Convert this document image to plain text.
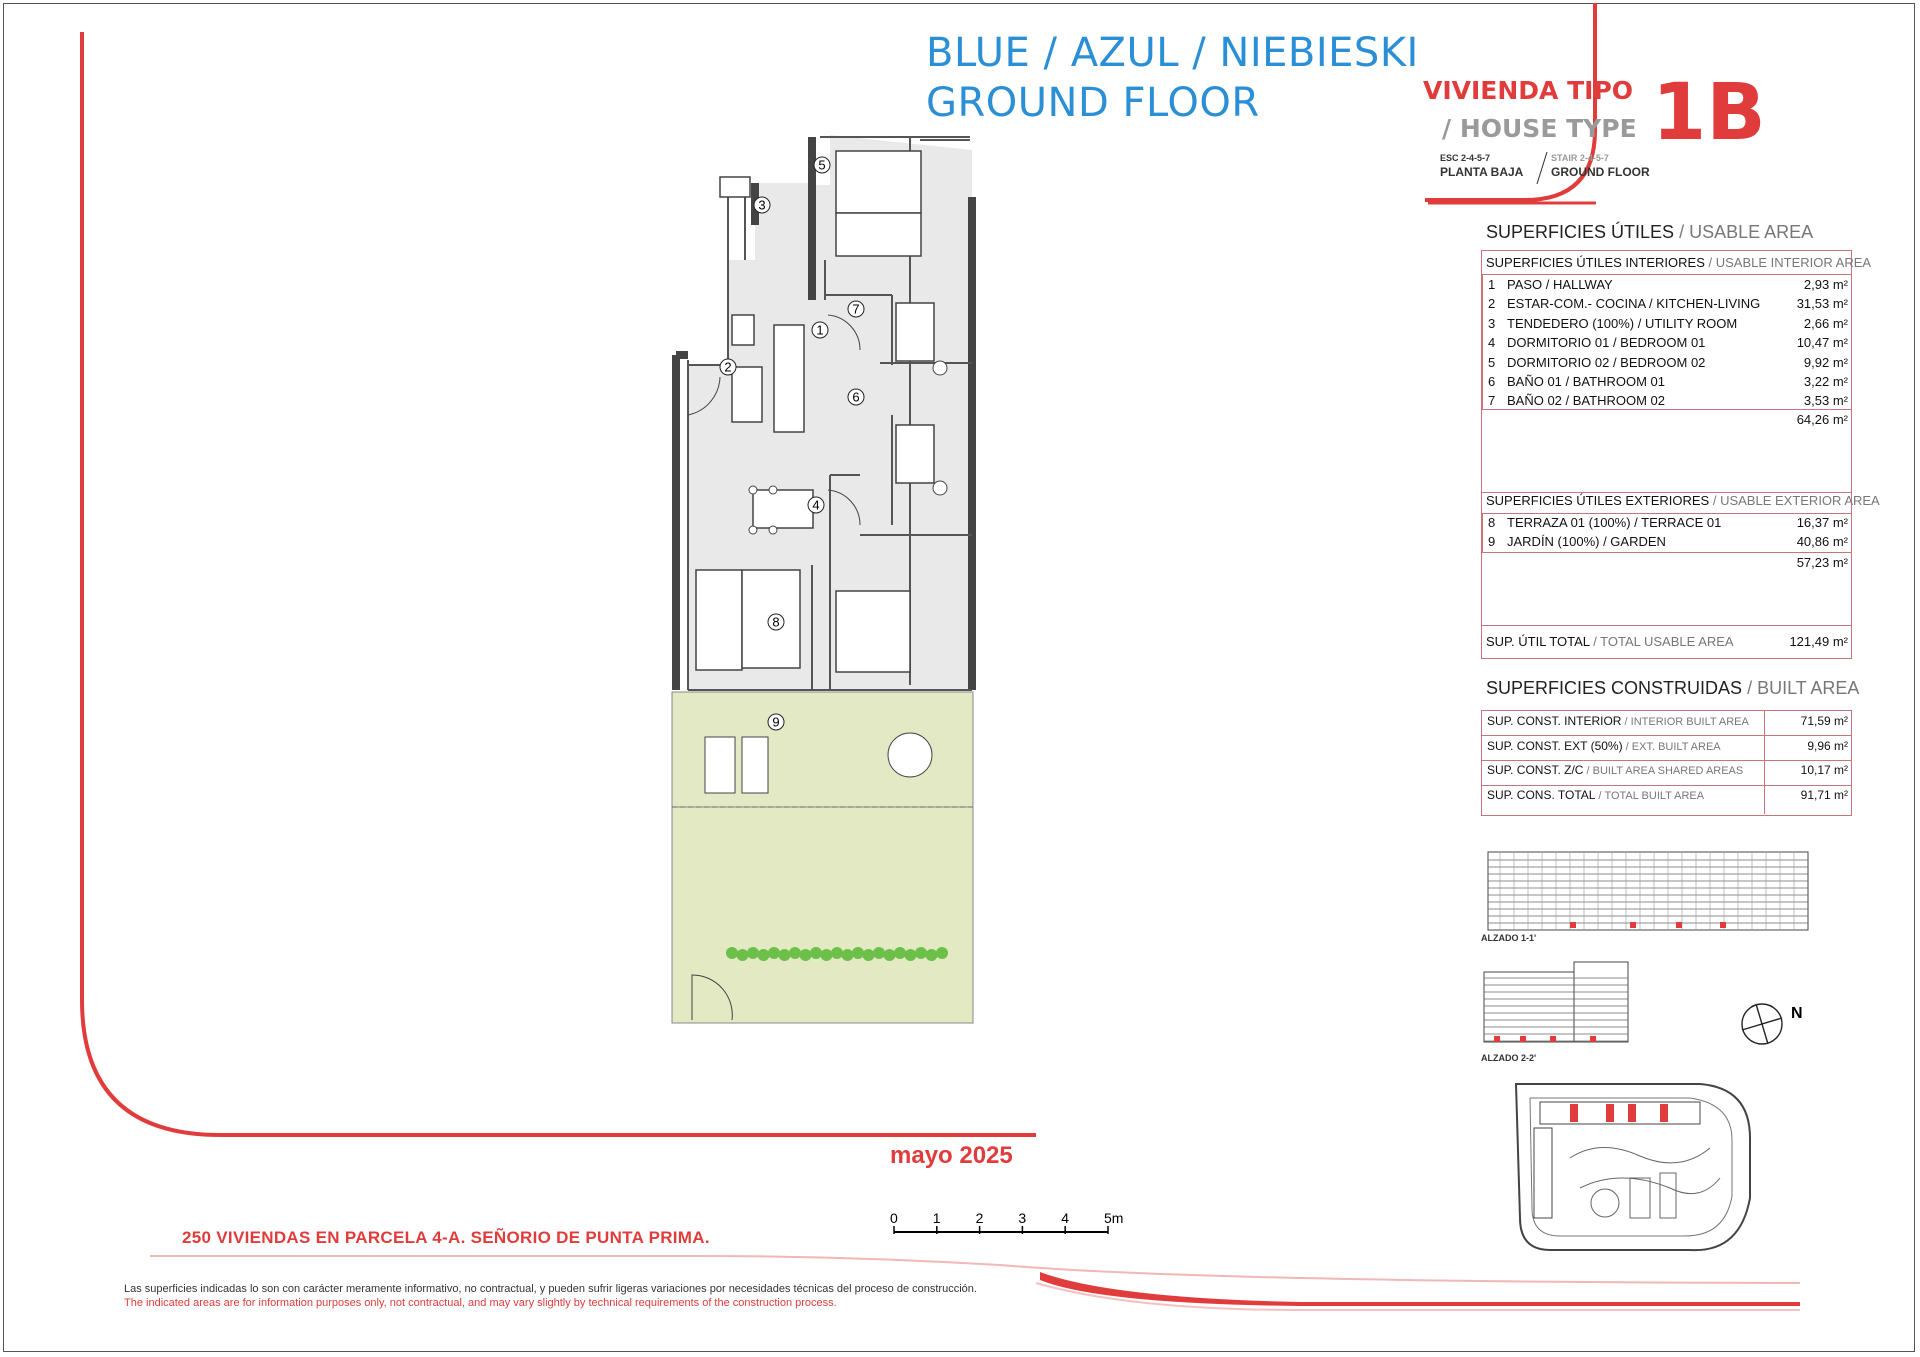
BLUE / AZUL / NIEBIESKI
GROUND FLOOR	VIVIENDA TIPO
/ HOUSE TYPE 1B
ESC 2-4-5-7
PLANTA BAJA
STAIR 2-4-5-7
GROUND FLOOR
SUPERFICIES ÚTILES / USABLE AREA
SUPERFICIES ÚTILES INTERIORES / USABLE INTERIOR AREA
1 PASO / HALLWAY	2,93 m²
2 ESTAR-COM.- COCINA / KITCHEN-LIVING	31,53 m²
3 TENDEDERO (100%) / UTILITY ROOM	2,66 m²
4 DORMITORIO 01 / BEDROOM 01	10,47 m²
5 DORMITORIO 02 / BEDROOM 02	9,92 m²
6 BAÑO 01 / BATHROOM 01	3,22 m²
7 BAÑO 02 / BATHROOM 02	3,53 m²
64,26 m²
SUPERFICIES ÚTILES EXTERIORES / USABLE EXTERIOR AREA
8 TERRAZA 01 (100%) / TERRACE 01	16,37 m²
9 JARDÍN (100%) / GARDEN	40,86 m²
57,23 m²
SUP. ÚTIL TOTAL / TOTAL USABLE AREA	121,49 m²
SUPERFICIES CONSTRUIDAS / BUILT AREA
SUP. CONST. INTERIOR / INTERIOR BUILT AREA	71,59 m²
SUP. CONST. EXT (50%) / EXT. BUILT AREA	9,96 m²
SUP. CONST. Z/C / BUILT AREA SHARED AREAS	10,17 m²
SUP. CONS. TOTAL / TOTAL BUILT AREA	91,71 m²
ALZADO 1-1'
ALZADO 2-2'
N
1
2
3
4
5
6
7
8
9
mayo 2025
0	1	2	3	4	5m
250 VIVIENDAS EN PARCELA 4-A. SEÑORIO DE PUNTA PRIMA.
Las superficies indicadas lo son con carácter meramente informativo, no contractual, y pueden sufrir ligeras variaciones por necesidades técnicas del proceso de construcción.
The indicated areas are for information purposes only, not contractual, and may vary slightly by technical requirements of the construction process.
